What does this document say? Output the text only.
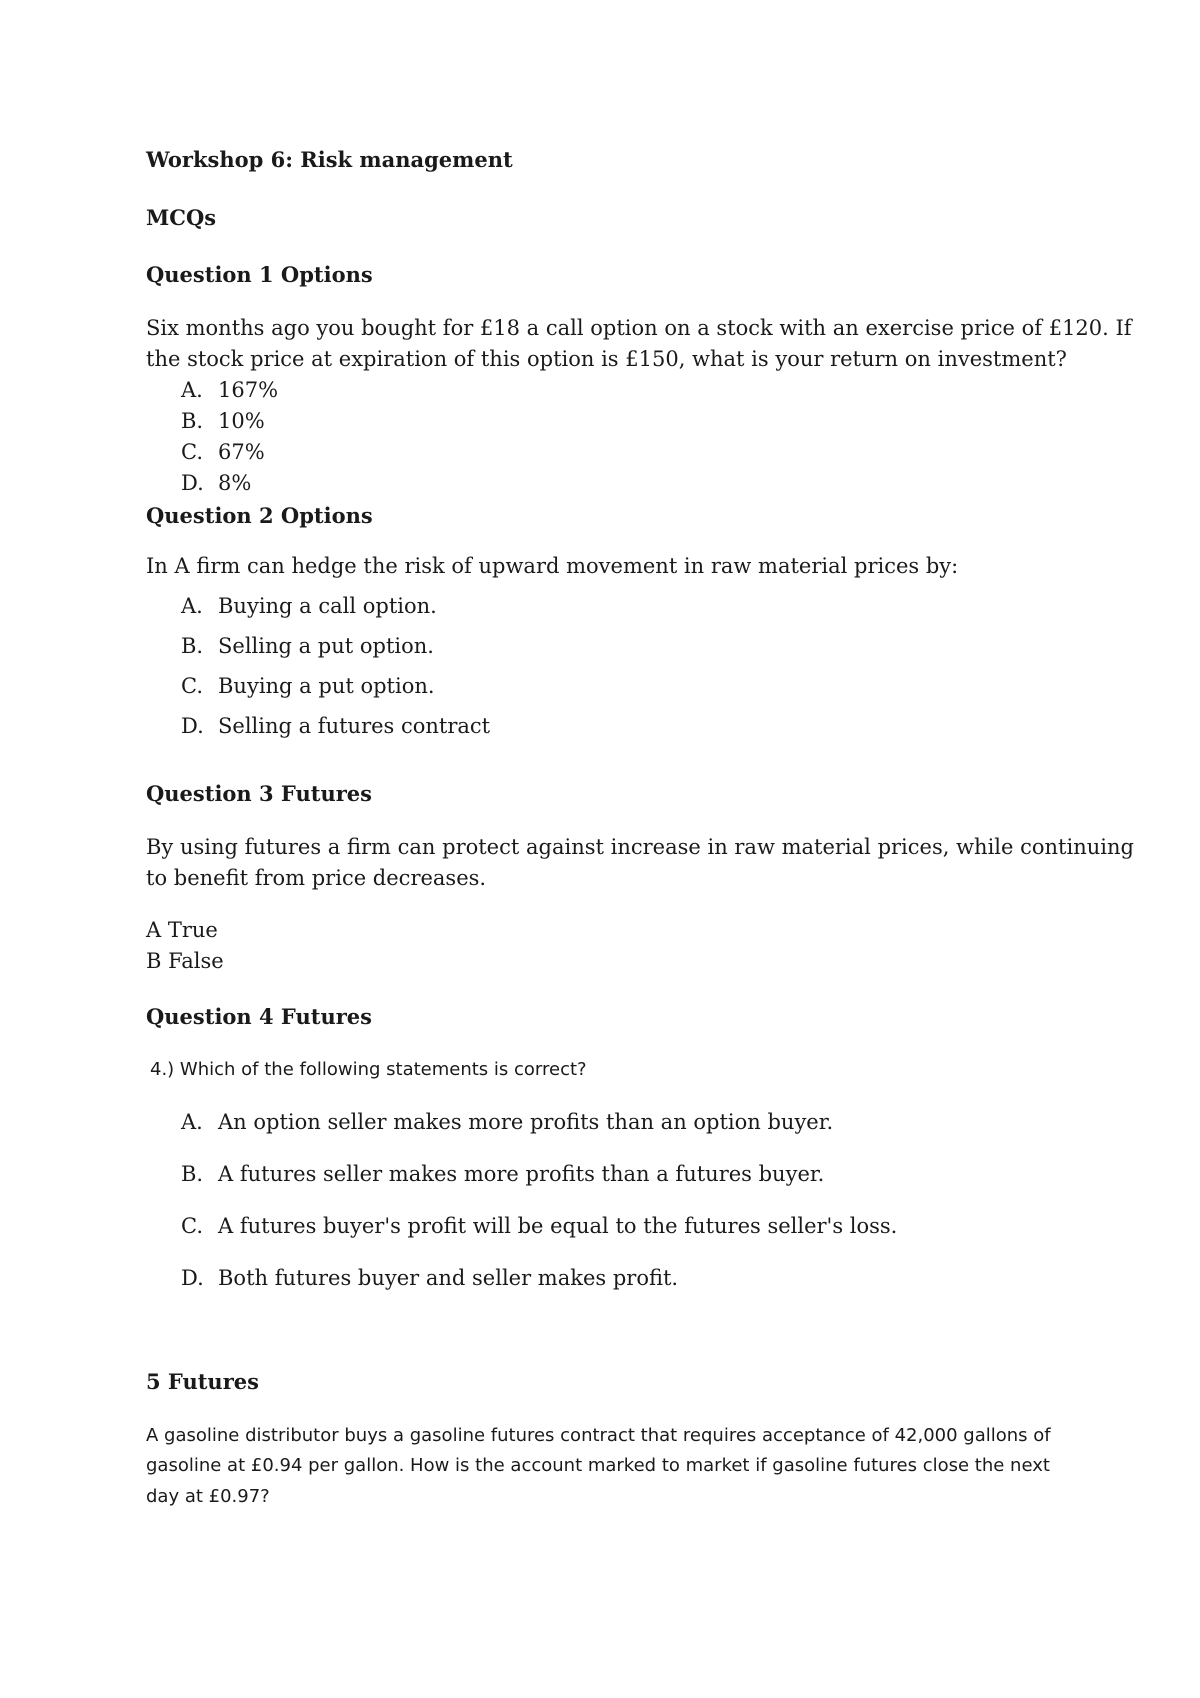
Workshop 6: Risk management
MCQs
Question 1 Options
Six months ago you bought for £18 a call option on a stock with an exercise price of £120. If
the stock price at expiration of this option is £150, what is your return on investment?
A. 167%
B. 10%
C. 67%
D. 8%
Question 2 Options
In A firm can hedge the risk of upward movement in raw material prices by:
A. Buying a call option.
B. Selling a put option.
C. Buying a put option.
D. Selling a futures contract
Question 3 Futures
By using futures a firm can protect against increase in raw material prices, while continuing
to benefit from price decreases.
A True
B False
Question 4 Futures
4.) Which of the following statements is correct?
A. An option seller makes more profits than an option buyer.
B. A futures seller makes more profits than a futures buyer.
C. A futures buyer's profit will be equal to the futures seller's loss.
D. Both futures buyer and seller makes profit.
5 Futures
A gasoline distributor buys a gasoline futures contract that requires acceptance of 42,000 gallons of
gasoline at £0.94 per gallon. How is the account marked to market if gasoline futures close the next
day at £0.97?
